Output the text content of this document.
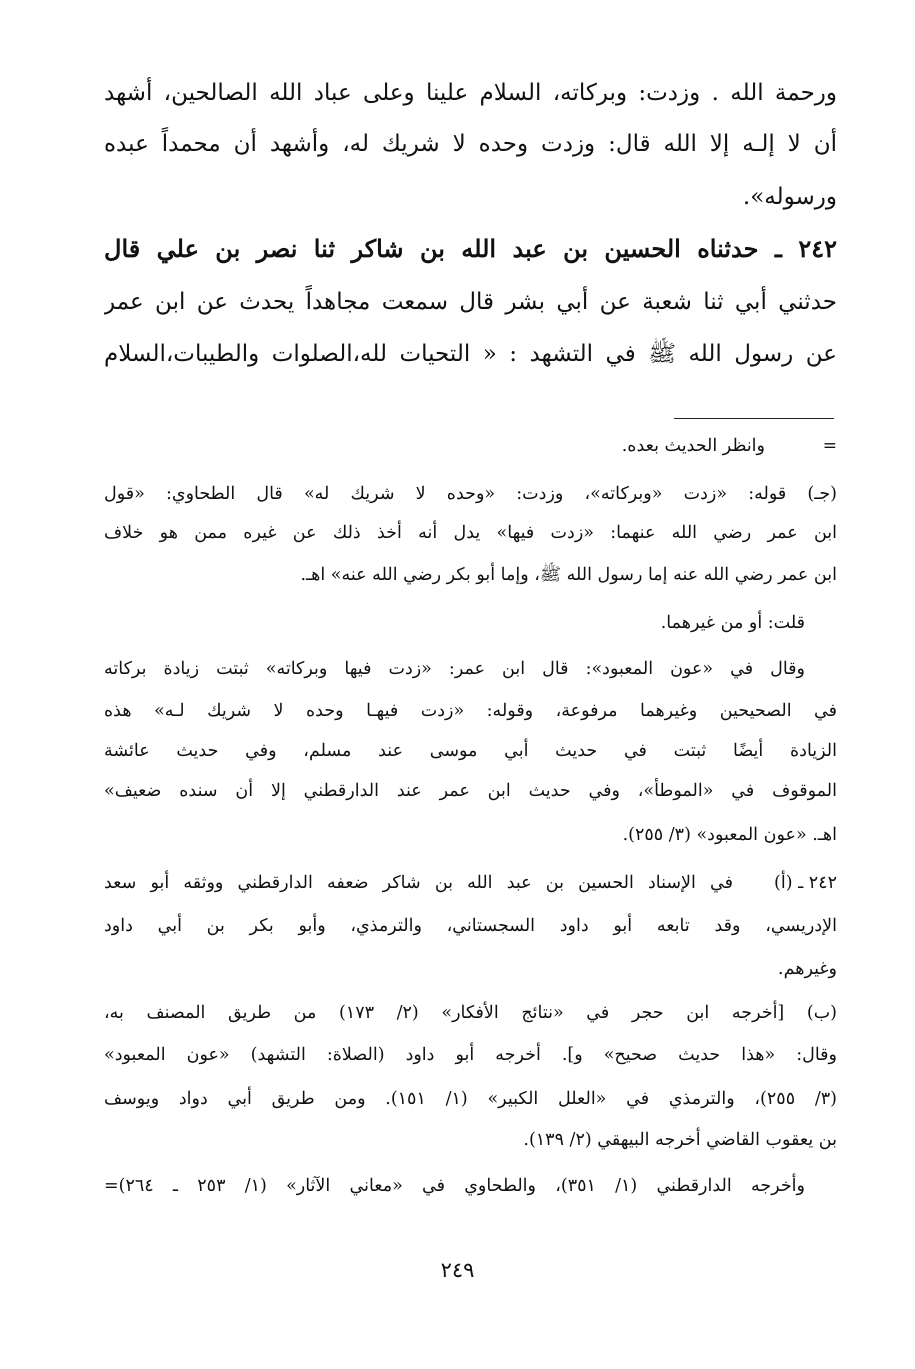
ورحمة الله . وزدت: وبركاته، السلام علينا وعلى عباد الله الصالحين، أشهد
أن لا إلـه إلا الله قال: وزدت وحده لا شريك له، وأشهد أن محمداً عبده
ورسوله».
٢٤٢ ـ حدثناه الحسين بن عبد الله بن شاكر ثنا نصر بن علي قال
حدثني أبي ثنا شعبة عن أبي بشر قال سمعت مجاهداً يحدث عن ابن عمر
عن رسول الله ﷺ في التشهد : « التحيات لله،الصلوات والطيبات،السلام
=
وانظر الحديث بعده.
(جـ) قوله: «زدت «وبركاته»، وزدت: «وحده لا شريك له» قال الطحاوي: «قول
ابن عمر رضي الله عنهما: «زدت فيها» يدل أنه أخذ ذلك عن غيره ممن هو خلاف
ابن عمر رضي الله عنه إما رسول الله ﷺ، وإما أبو بكر رضي الله عنه» اهـ.
قلت: أو من غيرهما.
وقال في «عون المعبود»: قال ابن عمر: «زدت فيها وبركاته» ثبتت زيادة بركاته
في الصحيحين وغيرهما مرفوعة، وقوله: «زدت فيهـا وحده لا شريك لـه» هذه
الزيادة أيضًا ثبتت في حديث أبي موسى عند مسلم، وفي حديث عائشة
الموقوف في «الموطأ»، وفي حديث ابن عمر عند الدارقطني إلا أن سنده ضعيف»
اهـ. «عون المعبود» (٣/ ٢٥٥).
٢٤٢ ـ (أ)
في الإسناد الحسين بن عبد الله بن شاكر ضعفه الدارقطني ووثقه أبو سعد
الإدريسي، وقد تابعه أبو داود السجستاني، والترمذي، وأبو بكر بن أبي داود
وغيرهم.
(ب) [أخرجه ابن حجر في «نتائج الأفكار» (٢/ ١٧٣) من طريق المصنف به،
وقال: «هذا حديث صحيح» و]. أخرجه أبو داود (الصلاة: التشهد) «عون المعبود»
(٣/ ٢٥٥)، والترمذي في «العلل الكبير» (١/ ١٥١). ومن طريق أبي دواد ويوسف
بن يعقوب القاضي أخرجه البيهقي (٢/ ١٣٩).
وأخرجه الدارقطني (١/ ٣٥١)، والطحاوي في «معاني الآثار» (١/ ٢٥٣ ـ ٢٦٤)=
٢٤٩
